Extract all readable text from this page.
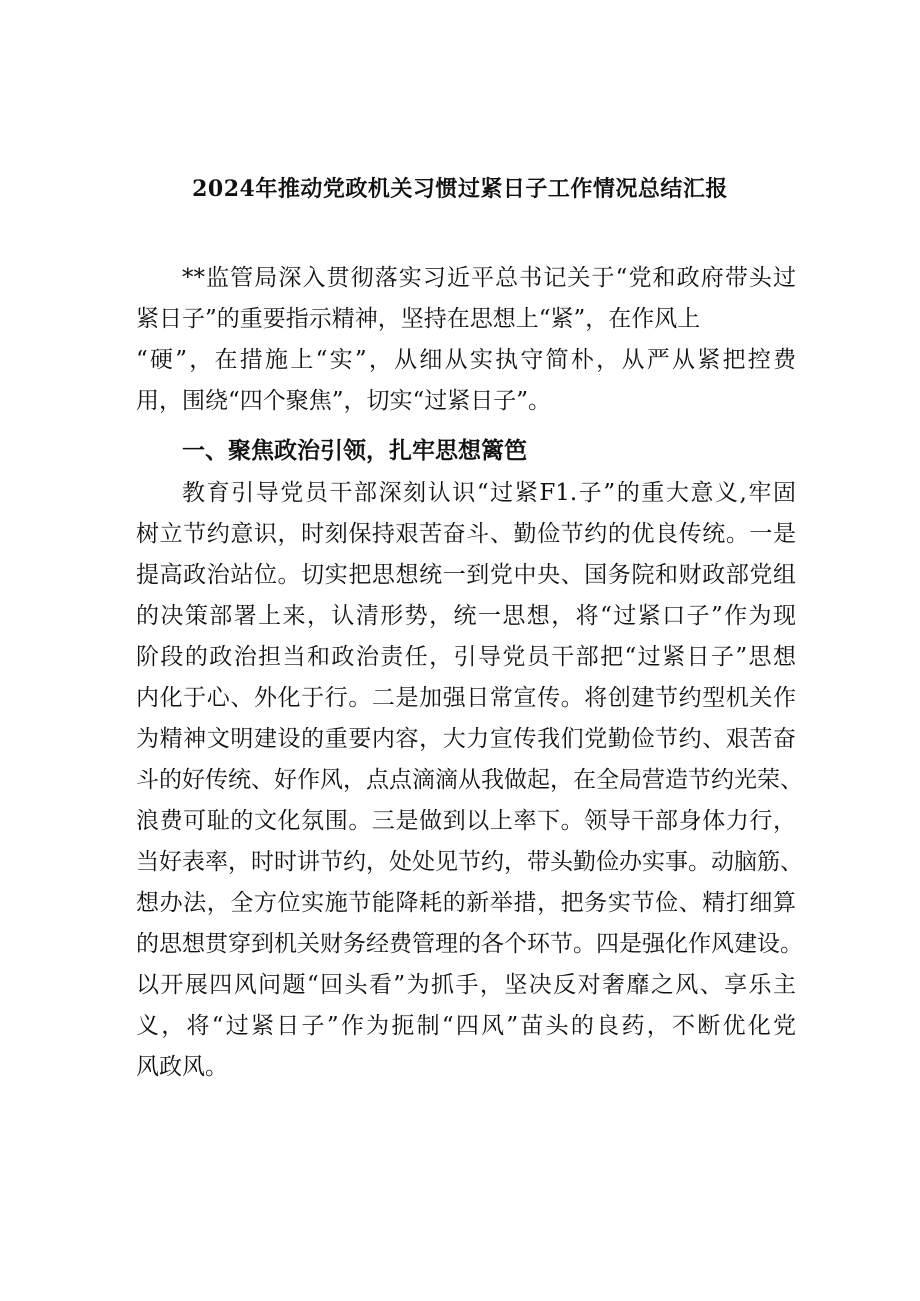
2024年推动党政机关习惯过紧日子工作情况总结汇报
**监管局深入贯彻落实习近平总书记关于“党和政府带头过
紧日子”的重要指示精神，坚持在思想上“紧”，在作风上
“硬”，在措施上“实”，从细从实执守简朴，从严从紧把控费
用，围绕“四个聚焦”，切实“过紧日子”。
一、聚焦政治引领，扎牢思想篱笆
教育引导党员干部深刻认识“过紧F1.子”的重大意义,牢固
树立节约意识，时刻保持艰苦奋斗、勤俭节约的优良传统。一是
提高政治站位。切实把思想统一到党中央、国务院和财政部党组
的决策部署上来，认清形势，统一思想，将“过紧口子”作为现
阶段的政治担当和政治责任，引导党员干部把“过紧日子”思想
内化于心、外化于行。二是加强日常宣传。将创建节约型机关作
为精神文明建设的重要内容，大力宣传我们党勤俭节约、艰苦奋
斗的好传统、好作风，点点滴滴从我做起，在全局营造节约光荣、
浪费可耻的文化氛围。三是做到以上率下。领导干部身体力行，
当好表率，时时讲节约，处处见节约，带头勤俭办实事。动脑筋、
想办法，全方位实施节能降耗的新举措，把务实节俭、精打细算
的思想贯穿到机关财务经费管理的各个环节。四是强化作风建设。
以开展四风问题“回头看”为抓手，坚决反对奢靡之风、享乐主
义，将“过紧日子”作为扼制“四风”苗头的良药，不断优化党
风政风。
